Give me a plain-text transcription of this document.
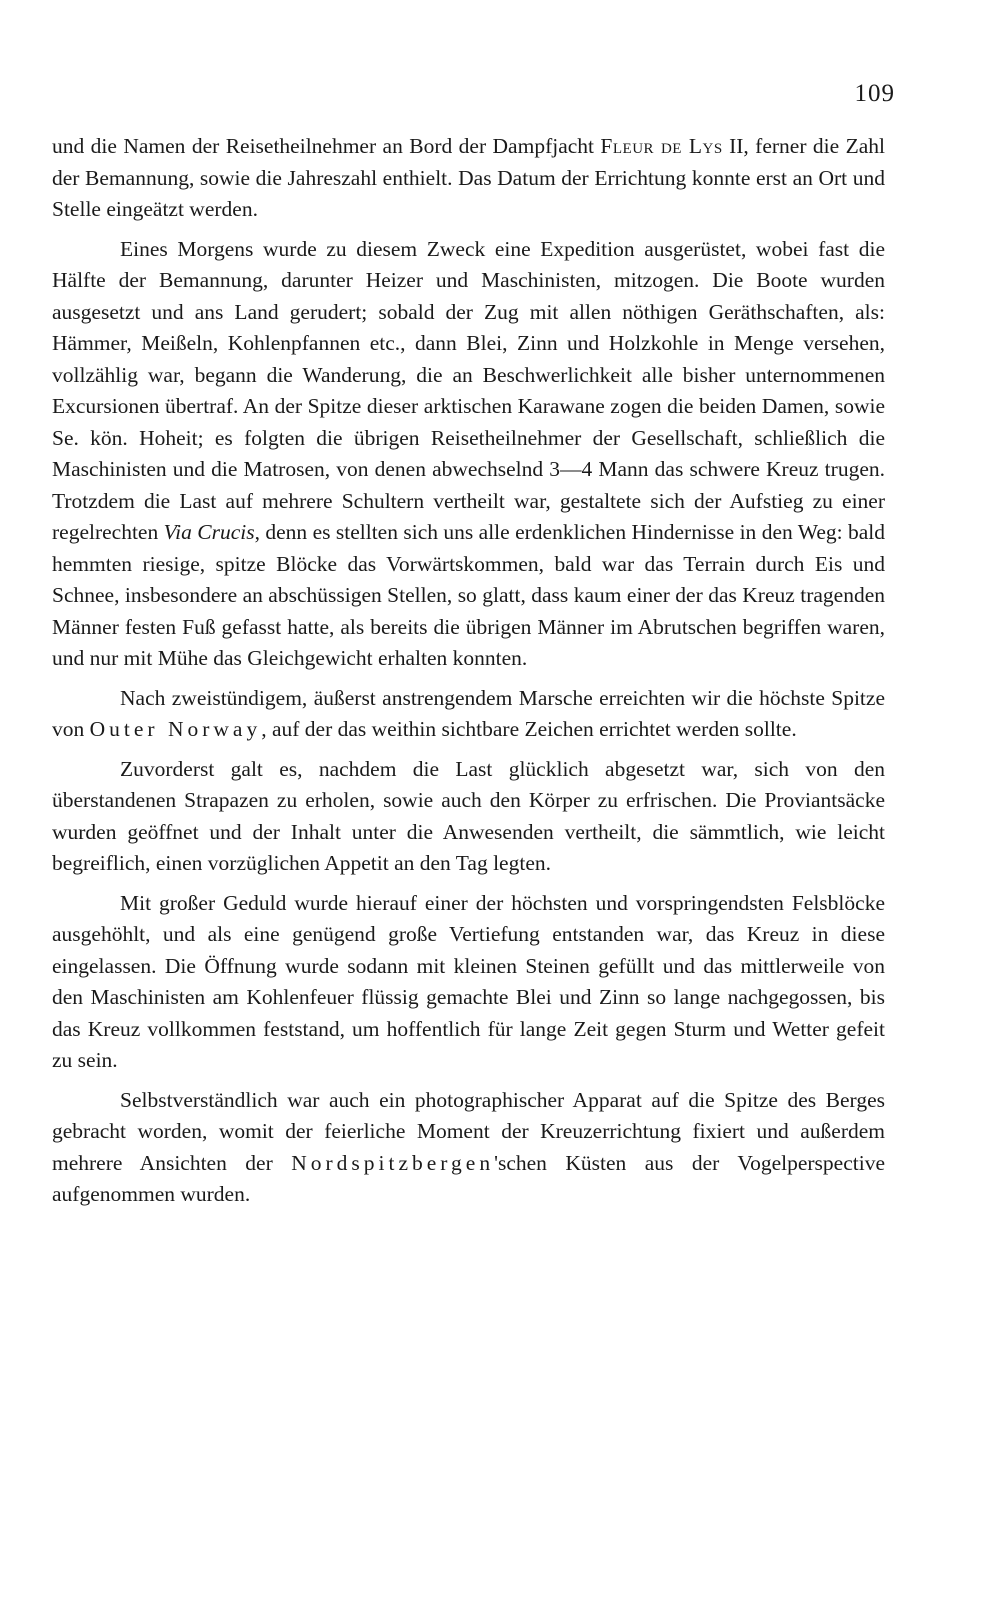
109

und die Namen der Reisetheilnehmer an Bord der Dampfjacht Fleur de Lys II, ferner die Zahl der Bemannung, sowie die Jahreszahl enthielt. Das Datum der Errichtung konnte erst an Ort und Stelle eingeätzt werden.

Eines Morgens wurde zu diesem Zweck eine Expedition ausgerüstet, wobei fast die Hälfte der Bemannung, darunter Heizer und Maschinisten, mitzogen. Die Boote wurden ausgesetzt und ans Land gerudert; sobald der Zug mit allen nöthigen Geräthschaften, als: Hämmer, Meißeln, Kohlenpfannen etc., dann Blei, Zinn und Holzkohle in Menge versehen, vollzählig war, begann die Wanderung, die an Beschwerlichkeit alle bisher unternommenen Excursionen übertraf. An der Spitze dieser arktischen Karawane zogen die beiden Damen, sowie Se. kön. Hoheit; es folgten die übrigen Reisetheilnehmer der Gesellschaft, schließlich die Maschinisten und die Matrosen, von denen abwechselnd 3—4 Mann das schwere Kreuz trugen. Trotzdem die Last auf mehrere Schultern vertheilt war, gestaltete sich der Aufstieg zu einer regelrechten Via Crucis, denn es stellten sich uns alle erdenklichen Hindernisse in den Weg: bald hemmten riesige, spitze Blöcke das Vorwärtskommen, bald war das Terrain durch Eis und Schnee, insbesondere an abschüssigen Stellen, so glatt, dass kaum einer der das Kreuz tragenden Männer festen Fuß gefasst hatte, als bereits die übrigen Männer im Abrutschen begriffen waren, und nur mit Mühe das Gleichgewicht erhalten konnten.

Nach zweistündigem, äußerst anstrengendem Marsche erreichten wir die höchste Spitze von Outer Norway, auf der das weithin sichtbare Zeichen errichtet werden sollte.

Zuvorderst galt es, nachdem die Last glücklich abgesetzt war, sich von den überstandenen Strapazen zu erholen, sowie auch den Körper zu erfrischen. Die Proviantsäcke wurden geöffnet und der Inhalt unter die Anwesenden vertheilt, die sämmtlich, wie leicht begreiflich, einen vorzüglichen Appetit an den Tag legten.

Mit großer Geduld wurde hierauf einer der höchsten und vorspringendsten Felsblöcke ausgehöhlt, und als eine genügend große Vertiefung entstanden war, das Kreuz in diese eingelassen. Die Öffnung wurde sodann mit kleinen Steinen gefüllt und das mittlerweile von den Maschinisten am Kohlenfeuer flüssig gemachte Blei und Zinn so lange nachgegossen, bis das Kreuz vollkommen feststand, um hoffentlich für lange Zeit gegen Sturm und Wetter gefeit zu sein.

Selbstverständlich war auch ein photographischer Apparat auf die Spitze des Berges gebracht worden, womit der feierliche Moment der Kreuzerrichtung fixiert und außerdem mehrere Ansichten der Nordspitzbergen'schen Küsten aus der Vogelperspective aufgenommen wurden.
